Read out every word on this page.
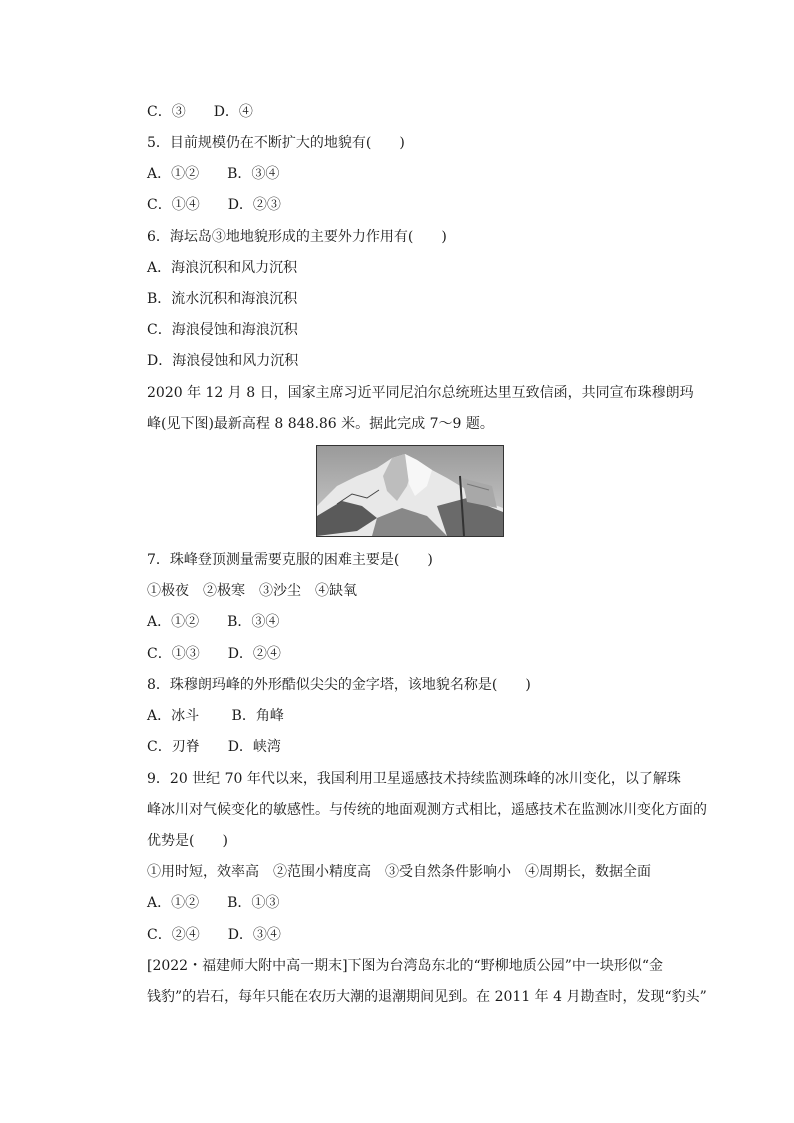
C．③　　D．④
5．目前规模仍在不断扩大的地貌有(　　)
A．①②　　B．③④
C．①④　　D．②③
6．海坛岛③地地貌形成的主要外力作用有(　　)
A．海浪沉积和风力沉积
B．流水沉积和海浪沉积
C．海浪侵蚀和海浪沉积
D．海浪侵蚀和风力沉积
2020 年 12 月 8 日，国家主席习近平同尼泊尔总统班达里互致信函，共同宣布珠穆朗玛
峰(见下图)最新高程 8 848.86 米。据此完成 7～9 题。
7．珠峰登顶测量需要克服的困难主要是(　　)
①极夜　②极寒　③沙尘　④缺氧
A．①②　　B．③④
C．①③　　D．②④
8．珠穆朗玛峰的外形酷似尖尖的金字塔，该地貌名称是(　　)
A．冰斗　　 B．角峰
C．刃脊　　D．峡湾
9．20 世纪 70 年代以来，我国利用卫星遥感技术持续监测珠峰的冰川变化，以了解珠
峰冰川对气候变化的敏感性。与传统的地面观测方式相比，遥感技术在监测冰川变化方面的
优势是(　　)
①用时短，效率高　②范围小精度高　③受自然条件影响小　④周期长，数据全面
A．①②　　B．①③
C．②④　　D．③④
[2022・福建师大附中高一期末]下图为台湾岛东北的“野柳地质公园”中一块形似“金
钱豹”的岩石，每年只能在农历大潮的退潮期间见到。在 2011 年 4 月勘查时，发现“豹头”
